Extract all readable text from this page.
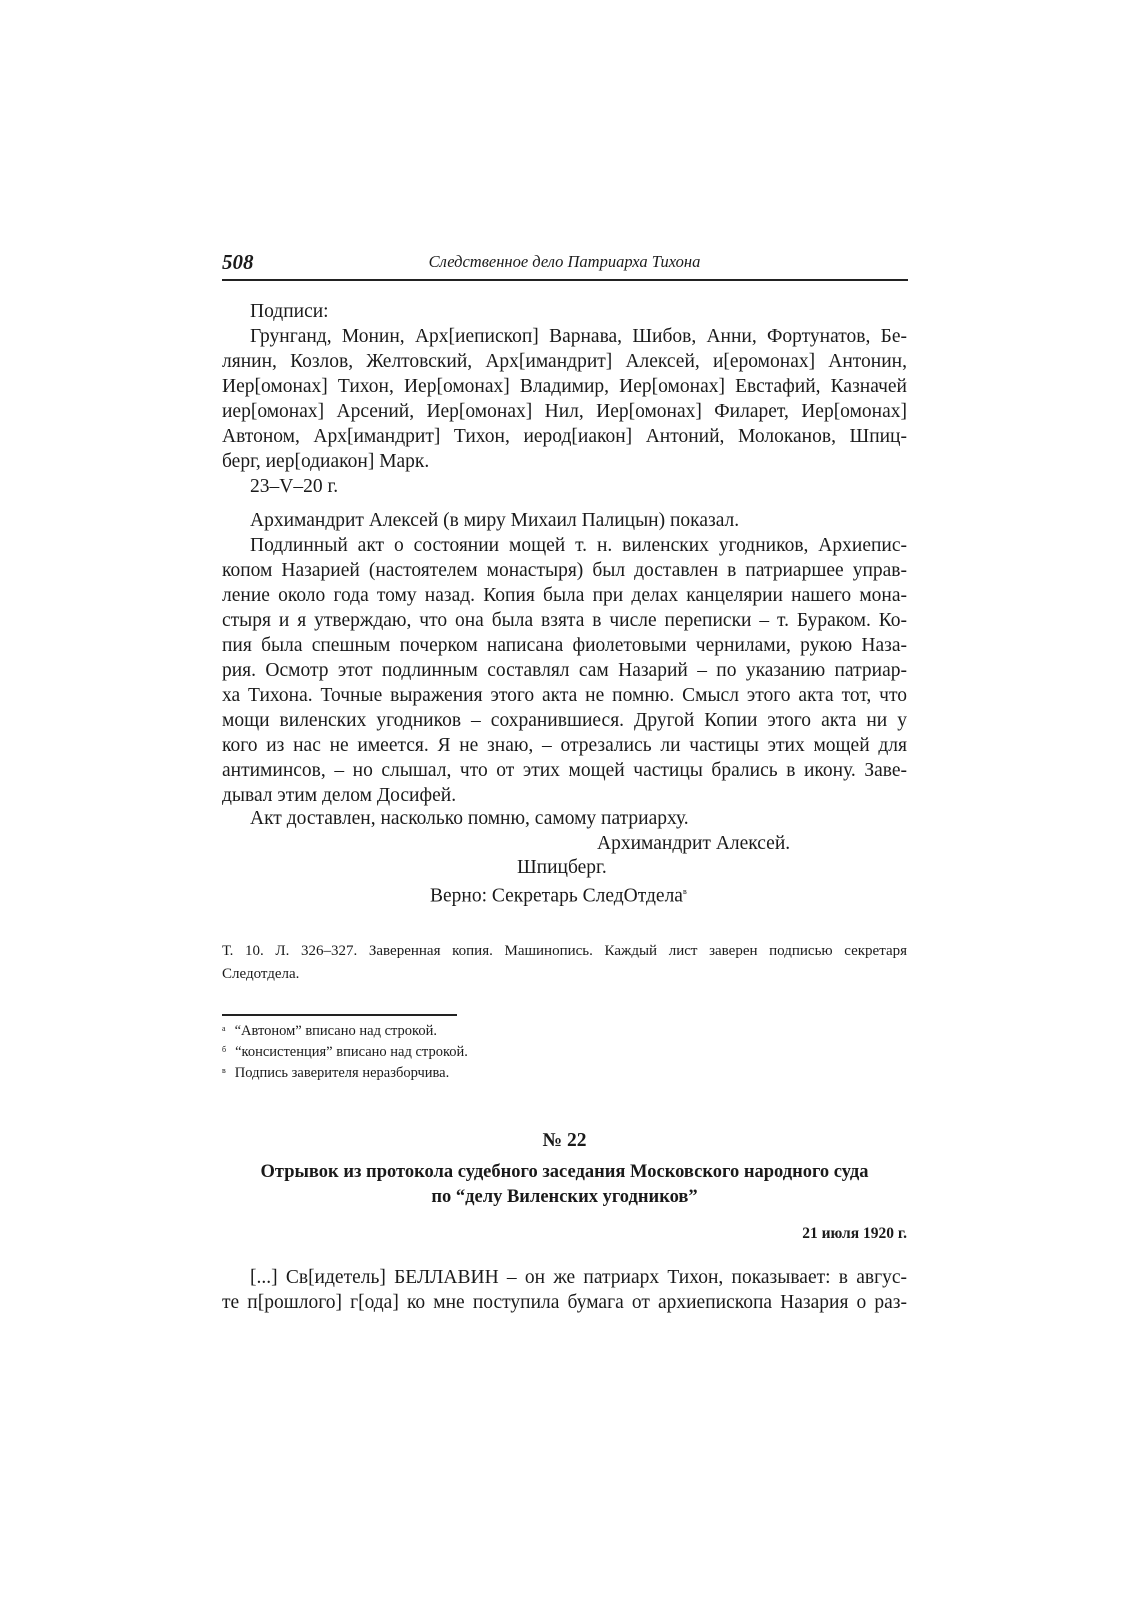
508	Следственное дело Патриарха Тихона
Подписи:
Грунганд, Монин, Арх[иепископ] Варнава, Шибов, Анни, Фортунатов, Бе-
лянин, Козлов, Желтовский, Арх[имандрит] Алексей, и[еромонах] Антонин,
Иер[омонах] Тихон, Иер[омонах] Владимир, Иер[омонах] Евстафий, Казначей
иер[омонах] Арсений, Иер[омонах] Нил, Иер[омонах] Филарет, Иер[омонах]
Автоном, Арх[имандрит] Тихон, иерод[иакон] Антоний, Молоканов, Шпиц-
берг, иер[одиакон] Марк.
23–V–20 г.
Архимандрит Алексей (в миру Михаил Палицын) показал.
Подлинный акт о состоянии мощей т. н. виленских угодников, Архиепис-
копом Назарией (настоятелем монастыря) был доставлен в патриаршее управ-
ление около года тому назад. Копия была при делах канцелярии нашего мона-
стыря и я утверждаю, что она была взята в числе переписки – т. Бураком. Ко-
пия была спешным почерком написана фиолетовыми чернилами, рукою Наза-
рия. Осмотр этот подлинным составлял сам Назарий – по указанию патриар-
ха Тихона. Точные выражения этого акта не помню. Смысл этого акта тот, что
мощи виленских угодников – сохранившиеся. Другой Копии этого акта ни у
кого из нас не имеется. Я не знаю, – отрезались ли частицы этих мощей для
антиминсов, – но слышал, что от этих мощей частицы брались в икону. Заве-
дывал этим делом Досифей.
Акт доставлен, насколько помню, самому патриарху.
Архимандрит Алексей.
Шпицберг.
Верно: Секретарь СледОтдела$^в$
Т. 10. Л. 326–327. Заверенная копия. Машинопись. Каждый лист заверен подписью секретаря
Следотдела.
$^а$ “Автоном” вписано над строкой.
$^б$ “консистенция” вписано над строкой.
$^в$ Подпись заверителя неразборчива.
№ 22
Отрывок из протокола судебного заседания Московского народного суда
по “делу Виленских угодников”
21 июля 1920 г.
[...] Св[идетель] БЕЛЛАВИН – он же патриарх Тихон, показывает: в авгус-
те п[рошлого] г[ода] ко мне поступила бумага от архиепископа Назария о раз-
